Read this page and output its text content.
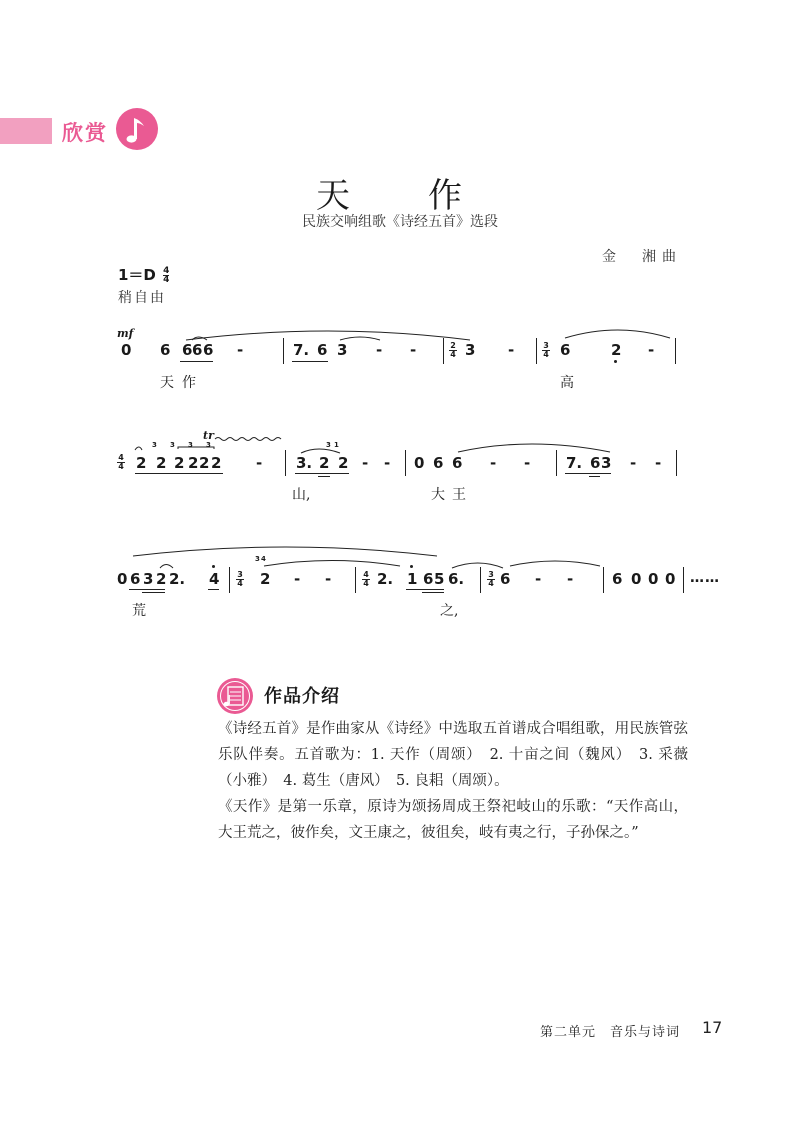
欣赏
天　作
民族交响组歌《诗经五首》选段
金　湘曲
$1=D \frac{4}{4}$
稍自由
mf
0 6 6 6 6 -	7. 6 3 - -	$\frac{2}{4} 3$ -	$\frac{3}{4} 6$	2 -
天 作	高
tr
$\frac{4}{4}$
3 3 3 3
2 2 2 2 2 2 -
3 1
3. 2 2 - - 0 6 6 - - 7. 6 3 - -
山,	大 王
0 6 3 2 2. $4 \frac{3}{4}$
3 4
2 - -	$\frac{4}{4} 2$. 1 6 5 6.	$\frac{3}{4} 6$ - -	6 0 0 0 ……
荒	之,
作品介绍

《诗经五首》是作曲家从《诗经》中选取五首谱成合唱组歌，用民族管弦乐队伴奏。五首歌为：1. 天作（周颂）　2. 十亩之间（魏风）　3. 采薇（小雅）　4. 葛生（唐风）　5. 良耜（周颂）。

《天作》是第一乐章，原诗为颂扬周成王祭祀岐山的乐歌：“天作高山，大王荒之，彼作矣，文王康之，彼徂矣，岐有夷之行，子孙保之。”

第二单元　音乐与诗词 17
